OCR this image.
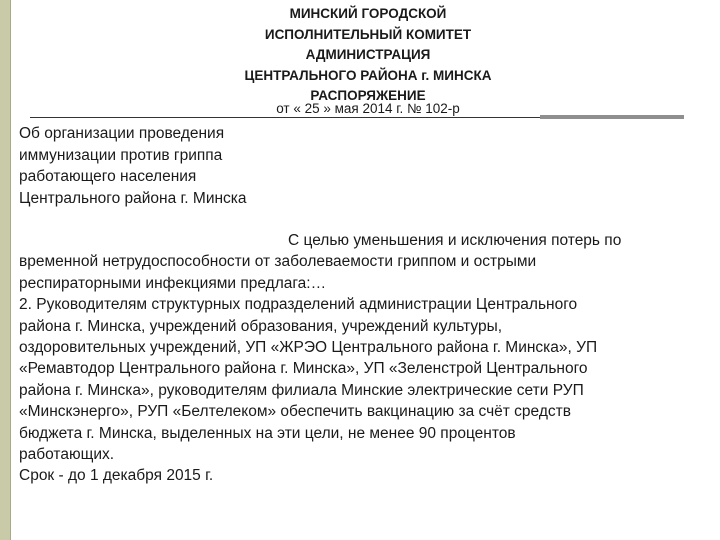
МИНСКИЙ ГОРОДСКОЙ
ИСПОЛНИТЕЛЬНЫЙ КОМИТЕТ
АДМИНИСТРАЦИЯ
ЦЕНТРАЛЬНОГО РАЙОНА г. МИНСКА
РАСПОРЯЖЕНИЕ
от « 25 » мая 2014 г. № 102-р
Об организации проведения
иммунизации против гриппа
работающего населения
Центрального района г. Минска
С целью уменьшения и исключения потерь по
временной нетрудоспособности от заболеваемости гриппом и острыми
респираторными инфекциями предлага:…
2. Руководителям структурных подразделений администрации Центрального
района г. Минска, учреждений образования, учреждений культуры,
оздоровительных учреждений, УП «ЖРЭО Центрального района г. Минска», УП
«Ремавтодор Центрального района г. Минска», УП «Зеленстрой Центрального
района г. Минска», руководителям филиала Минские электрические сети РУП
«Минскэнерго», РУП «Белтелеком» обеспечить вакцинацию за счёт средств
бюджета г. Минска, выделенных на эти цели, не менее 90 процентов
работающих.
Срок - до 1 декабря 2015 г.
